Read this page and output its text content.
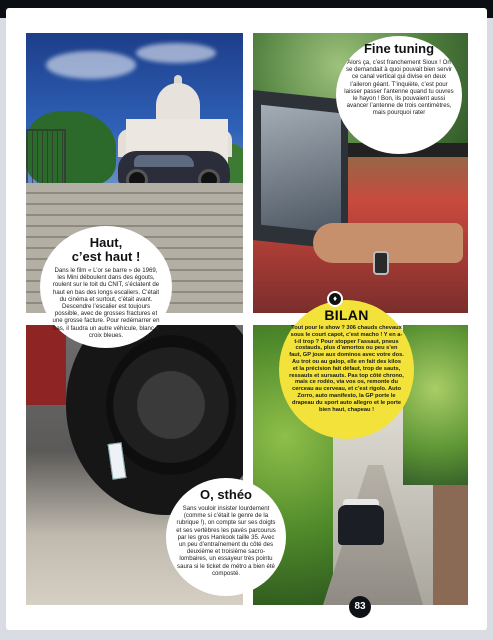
Haut,
c’est haut !
Dans le film « L’or se barre » de 1969, les Mini déboulent dans des égouts, roulent sur le toit du CNIT, s’éclatent de haut en bas des longs escaliers. C’était du cinéma et surtout, c’était avant. Descendre l’escalier est toujours possible, avec de grosses fractures et une grosse facture. Pour redémarrer en bas, il faudra un autre véhicule, blanc à croix bleues.
Fine tuning
Alors ça, c’est franchement Sioux ! On se demandait à quoi pouvait bien servir ce canal vertical qui divise en deux l’aileron géant. T’inquiète, c’est pour laisser passer l’antenne quand tu ouvres le hayon ! Bon, ils pouvaient aussi avancer l’antenne de trois centimètres, mais pourquoi rater
O, sthéo
Sans vouloir insister lourdement (comme si c’était le genre de la rubrique !), on compte sur ses doigts et ses vertèbres les pavés parcourus par les gros Hankook taille 35. Avec un peu d’entraînement du côté des deuxième et troisième sacro-lombaires, un essayeur très pointu saura si le ticket de métro a bien été composté.
BILAN
Tout pour le show ? 306 chauds chevaux sous le court capot, c’est macho ! Y en a-t-il trop ? Pour stopper l’assaut, pneus costauds, plus d’amortos ou peu s’en faut, GP joue aux dominos avec votre dos. Au trot ou au galop, elle en fait des kilos et la précision fait défaut, trop de sauts, ressauts et sursauts. Pas top côté chrono, mais ce rodéo, via vos os, remonte du cerceau au cerveau, et c’est rigolo. Auto Zorro, auto manifesto, la GP porte le drapeau du sport auto allegro et le porte bien haut, chapeau !
♦
83
